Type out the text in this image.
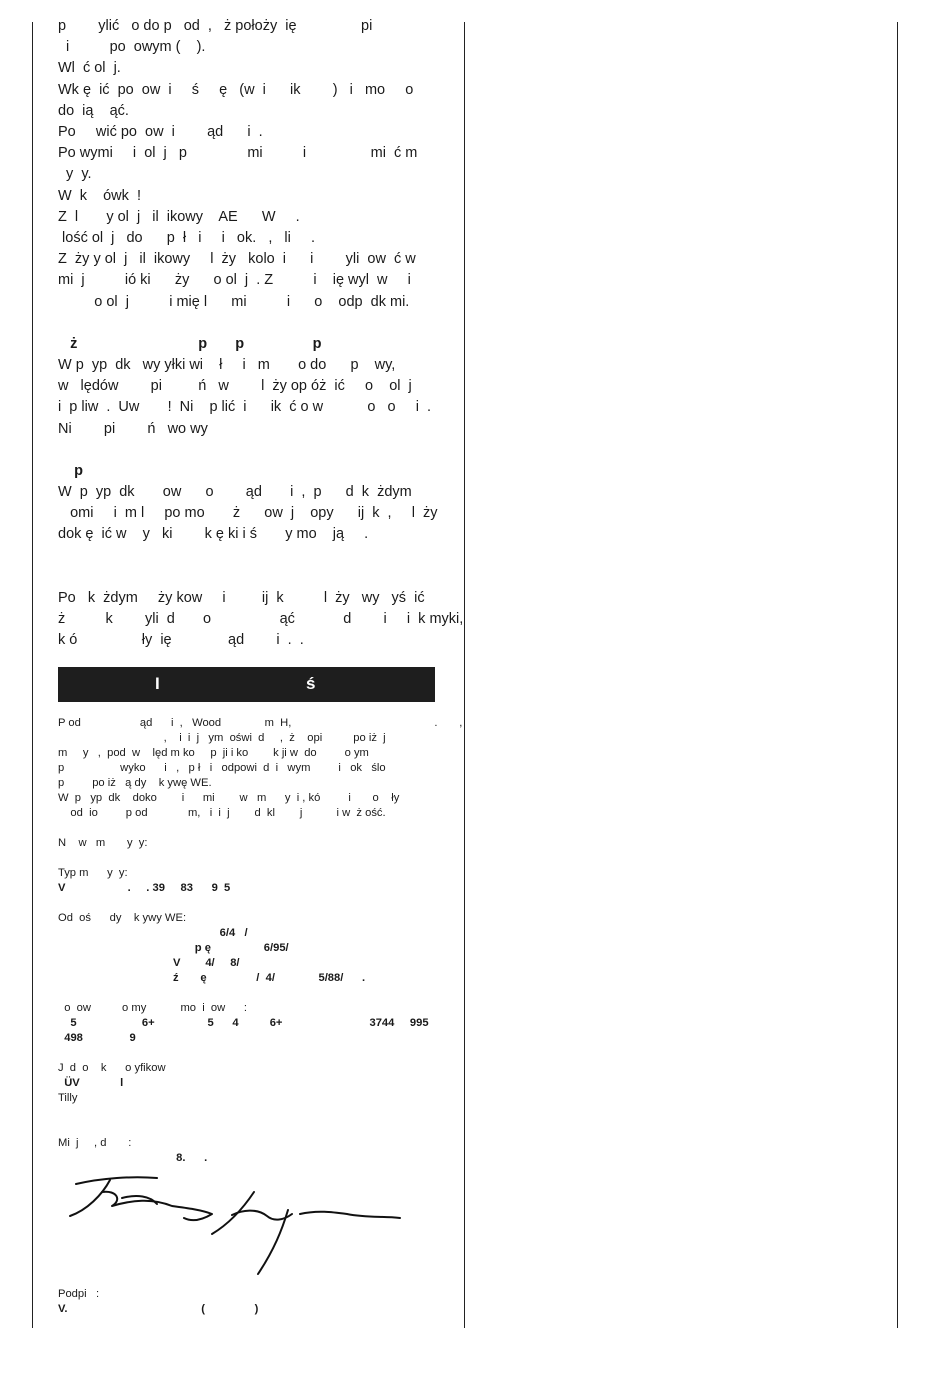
p        ylić   o do p   od  ,   ż położy  ię                pi

i          po  owym (    ).

Wl  ć ol  j.

Wk ę  ić  po  ow  i     ś     ę   (w  i      ik        )   i   mo     o

do  ią    ąć.

Po     wić po  ow  i        ąd      i  .

Po wymi     i  ol  j   p               mi          i                mi  ć m

y  y.

W  k    ówk  !

Z  l       y ol  j   il  ikowy    AE      W     .

lość ol  j   do      p  ł   i     i   ok.   ,   li     .

Z  ży y ol  j   il  ikowy     l  ży   kolo  i      i        yli  ow  ć w

mi  j          ió ki      ży      o ol  j  . Z          i    ię wyl  w     i

o ol  j          i mię l      mi          i      o    odp  dk mi.

ż                              p       p                 p

W p  yp  dk   wy yłki wi    ł     i   m       o do      p    wy,

w   lędów        pi         ń   w        l  ży op óż  ić     o    ol  j

i  p liw  .  Uw       !  Ni    p lić  i      ik  ć o w           o   o     i  .

Ni        pi        ń   wo wy

p

W  p  yp  dk       ow      o        ąd       i  ,  p      d  k  żdym

omi     i  m l     po mo       ż      ow  j    opy      ij  k  ,     l  ży

dok ę  ić w    y   ki        k ę ki i ś       y mo    ją     .

Po   k  żdym     ży kow     i         ij  k          l  ży   wy   yś  ić

ż          k        yli  d       o                 ąć            d        i     i  k myki,

k ó                ły  ię              ąd        i  .  .

I	ś

P od                   ąd      i  ,   Wood              m  H,                                              .       ,

,    i  i  j   ym  oświ  d     ,  ż    opi          po iż  j

m     y   ,  pod  w    lęd m ko     p  ji i ko        k ji w  do         o ym

p                  wyko      i   ,   p ł   i   odpowi  d  i   wym         i   ok   ślo

p         po iż   ą dy    k ywę WE.

W  p   yp  dk    doko        i      mi        w   m      y  i , kó         i       o    ły

od  io         p od             m,   i  i  j        d  kl        j           i w  ż ość.

N    w   m       y  y:

Typ m      y  y:

V                    .     . 39     83      9  5

Od  oś      dy    k ywy WE:

6/4   /

p ę                 6/95/

V        4/     8/

ź       ę                /  4/              5/88/      .

o  ow          o my           mo  i  ow      :

5                     6+                 5      4          6+                            3744     995

498               9

J  d  o    k      o yfikow

ÜV             l

Tilly

Mi  j     , d       :

8.      .

Podpi   :

V.                                           (                )
